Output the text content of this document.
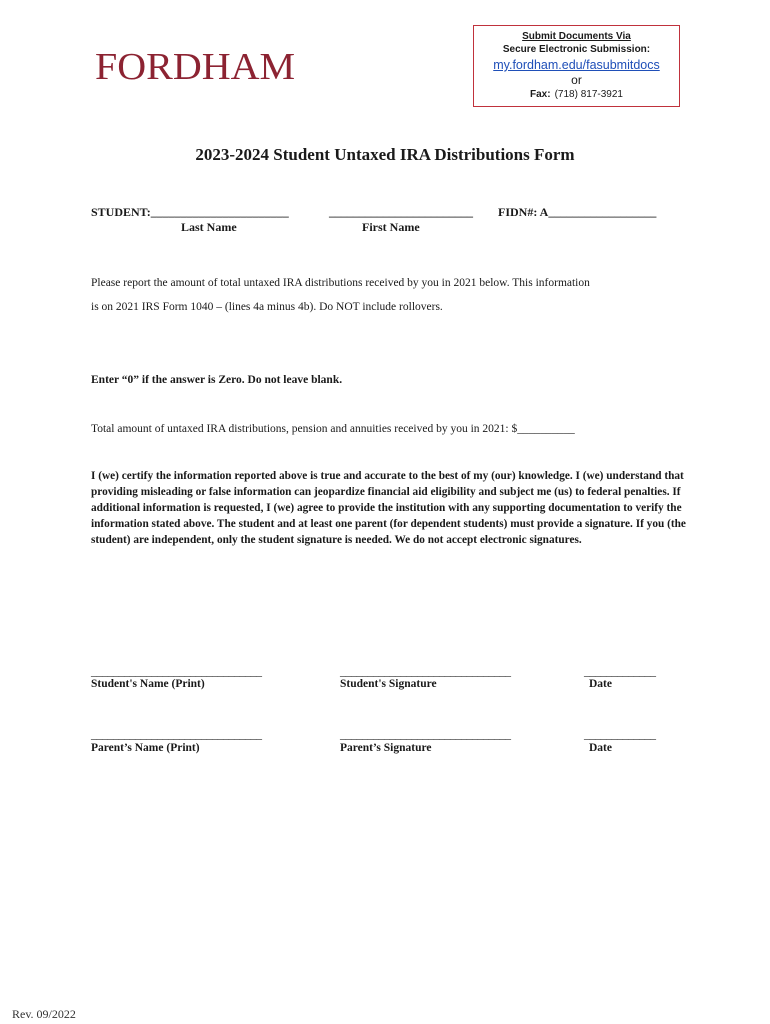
FORDHAM
Submit Documents Via
Secure Electronic Submission:
my.fordham.edu/fasubmitdocs
or
Fax: (718) 817-3921
2023-2024 Student Untaxed IRA Distributions Form
STUDENT:_______________________	________________________ FIDN#: A__________________
Last Name	First Name
Please report the amount of total untaxed IRA distributions received by you in 2021 below. This information
is on 2021 IRS Form 1040 – (lines 4a minus 4b). Do NOT include rollovers.
Enter “0” if the answer is Zero. Do not leave blank.
Total amount of untaxed IRA distributions, pension and annuities received by you in 2021: $__________
I (we) certify the information reported above is true and accurate to the best of my (our) knowledge. I (we) understand that providing misleading or false information can jeopardize financial aid eligibility and subject me (us) to federal penalties. If additional information is requested, I (we) agree to provide the institution with any supporting documentation to verify the information stated above. The student and at least one parent (for dependent students) must provide a signature. If you (the student) are independent, only the student signature is needed. We do not accept electronic signatures.
_______________________________	_______________________________	_____________
Student's Name (Print)	Student's Signature	Date
_______________________________	_______________________________	_____________
Parent’s Name (Print)	Parent’s Signature	Date
Rev. 09/2022
